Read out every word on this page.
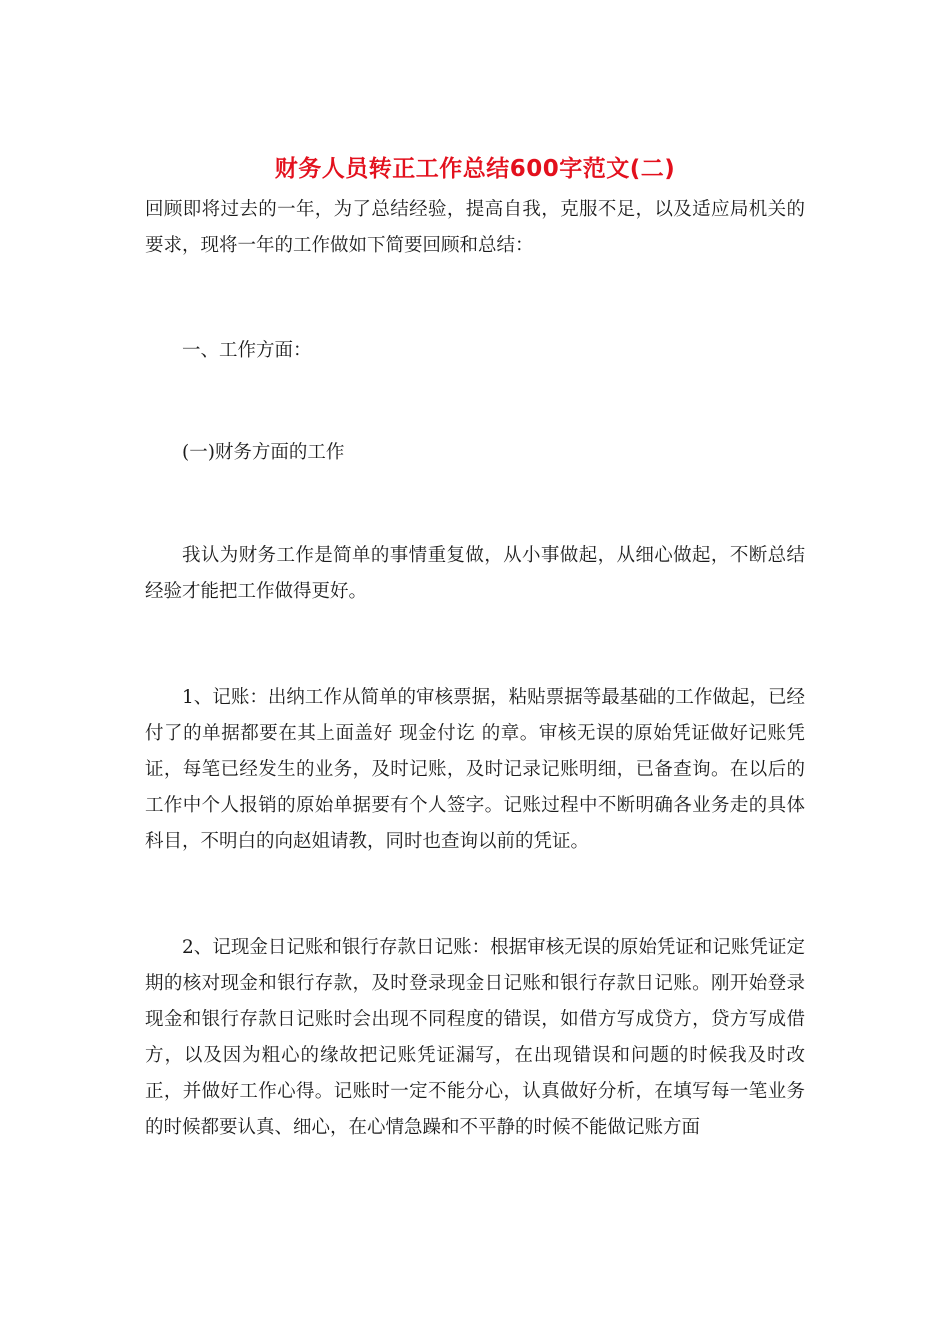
财务人员转正工作总结600字范文(二)

回顾即将过去的一年，为了总结经验，提高自我，克服不足，以及适应局机关的要求，现将一年的工作做如下简要回顾和总结：

一、工作方面：

(一)财务方面的工作

我认为财务工作是简单的事情重复做，从小事做起，从细心做起，不断总结经验才能把工作做得更好。

1、记账：出纳工作从简单的审核票据，粘贴票据等最基础的工作做起，已经付了的单据都要在其上面盖好 现金付讫 的章。审核无误的原始凭证做好记账凭证，每笔已经发生的业务，及时记账，及时记录记账明细，已备查询。在以后的工作中个人报销的原始单据要有个人签字。记账过程中不断明确各业务走的具体科目，不明白的向赵姐请教，同时也查询以前的凭证。

2、记现金日记账和银行存款日记账：根据审核无误的原始凭证和记账凭证定期的核对现金和银行存款，及时登录现金日记账和银行存款日记账。刚开始登录现金和银行存款日记账时会出现不同程度的错误，如借方写成贷方，贷方写成借方，以及因为粗心的缘故把记账凭证漏写，在出现错误和问题的时候我及时改正，并做好工作心得。记账时一定不能分心，认真做好分析，在填写每一笔业务的时候都要认真、细心，在心情急躁和不平静的时候不能做记账方面
